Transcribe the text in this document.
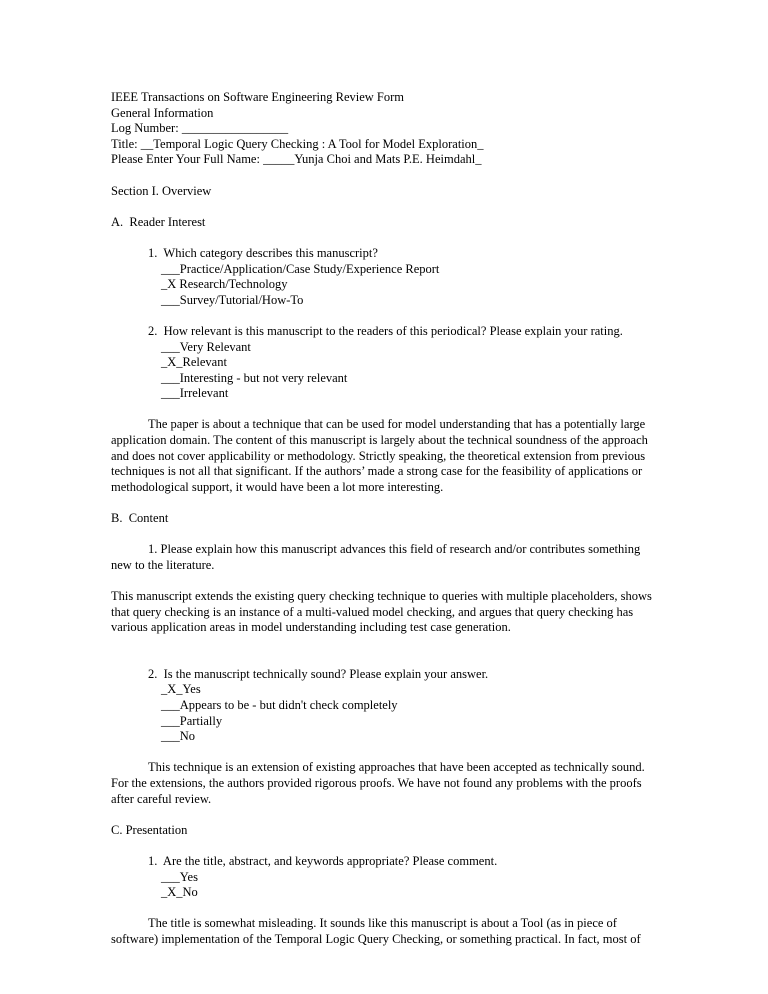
IEEE Transactions on Software Engineering Review Form
General Information
Log Number: _________________
Title: __Temporal Logic Query Checking : A Tool for Model Exploration_
Please Enter Your Full Name: _____Yunja Choi and Mats P.E. Heimdahl_
Section I. Overview
A.  Reader Interest
1.  Which category describes this manuscript?
___Practice/Application/Case Study/Experience Report
_X Research/Technology
___Survey/Tutorial/How-To
2.  How relevant is this manuscript to the readers of this periodical? Please explain your rating.
___Very Relevant
_X_Relevant
___Interesting - but not very relevant
___Irrelevant
The paper is about a technique that can be used for model understanding that has a potentially large application domain. The content of this manuscript is largely about the technical soundness of the approach and does not cover applicability or methodology. Strictly speaking, the theoretical extension from previous techniques is not all that significant. If the authors’ made a strong case for the feasibility of applications or methodological support, it would have been a lot more interesting.
B.  Content
1. Please explain how this manuscript advances this field of research and/or contributes something new to the literature.
This manuscript extends the existing query checking technique to queries with multiple placeholders, shows that query checking is an instance of a multi-valued model checking, and argues that query checking has various application areas in model understanding including test case generation.
2.  Is the manuscript technically sound? Please explain your answer.
_X_Yes
___Appears to be - but didn't check completely
___Partially
___No
This technique is an extension of existing approaches that have been accepted as technically sound. For the extensions, the authors provided rigorous proofs. We have not found any problems with the proofs after careful review.
C. Presentation
1.  Are the title, abstract, and keywords appropriate? Please comment.
___Yes
_X_No
The title is somewhat misleading. It sounds like this manuscript is about a Tool (as in piece of software) implementation of the Temporal Logic Query Checking, or something practical. In fact, most of
